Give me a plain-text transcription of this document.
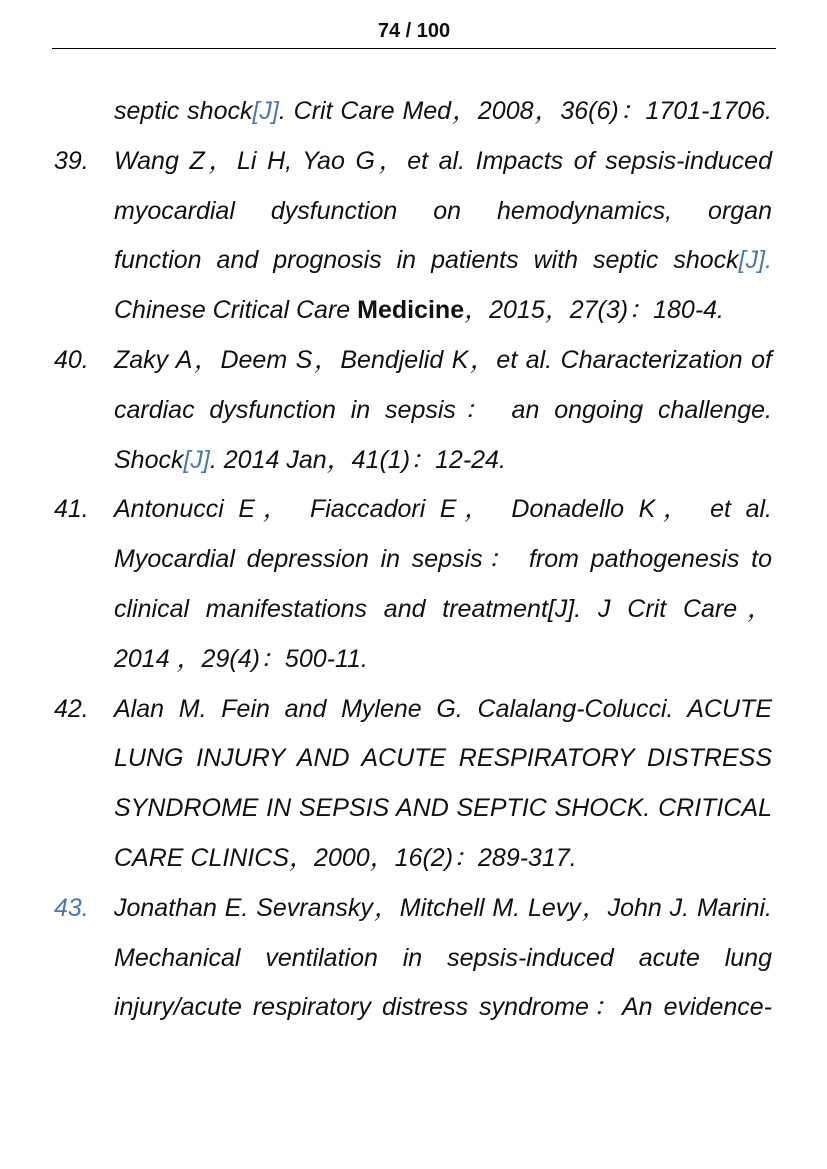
74 / 100
septic shock[J]. Crit Care Med，2008，36(6)：1701-1706.
39. Wang Z，Li H, Yao G，et al. Impacts of sepsis-induced
myocardial dysfunction on hemodynamics, organ
function and prognosis in patients with septic shock[J].
Chinese Critical Care Medicine，2015，27(3)：180-4.
40. Zaky A，Deem S，Bendjelid K，et al. Characterization of
cardiac dysfunction in sepsis： an ongoing challenge.
Shock[J]. 2014 Jan，41(1)：12-24.
41. Antonucci E， Fiaccadori E， Donadello K， et al.
Myocardial depression in sepsis： from pathogenesis to
clinical manifestations and treatment[J]. J Crit Care，
2014 ，29(4)：500-11.
42. Alan M. Fein and Mylene G. Calalang-Colucci. ACUTE
LUNG INJURY AND ACUTE RESPIRATORY DISTRESS
SYNDROME IN SEPSIS AND SEPTIC SHOCK. CRITICAL
CARE CLINICS，2000，16(2)：289-317.
43. Jonathan E. Sevransky，Mitchell M. Levy，John J. Marini.
Mechanical ventilation in sepsis-induced acute lung
injury/acute respiratory distress syndrome：An evidence-
